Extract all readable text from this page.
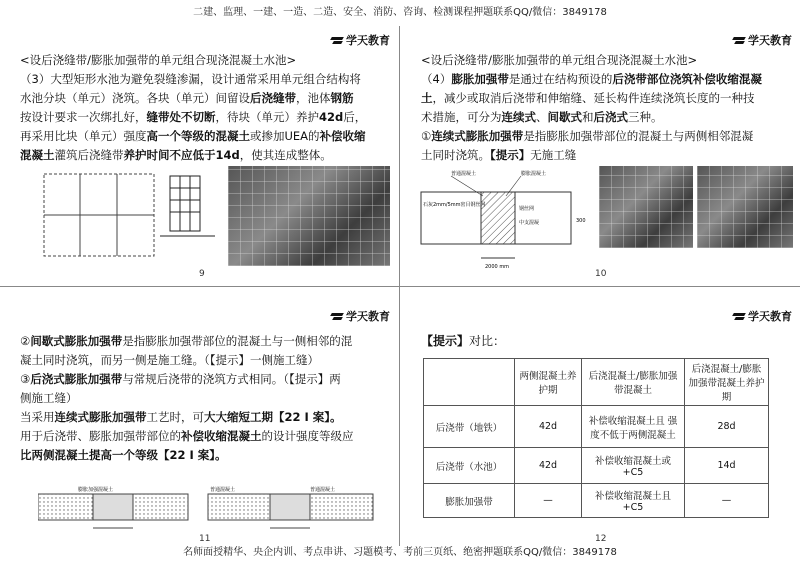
二建、监理、一建、一造、二造、安全、消防、咨询、检测课程押题联系QQ/微信：3849178
学天教育
<设后浇缝带/膨胀加强带的单元组合现浇混凝土水池>
（3）大型矩形水池为避免裂缝渗漏，设计通常采用单元组合结构将
水池分块（单元）浇筑。各块（单元）间留设后浇缝带，池体钢筋
按设计要求一次绑扎好，缝带处不切断，待块（单元）养护42d后，
再采用比块（单元）强度高一个等级的混凝土或掺加UEA的补偿收缩
混凝土灌筑后浇缝带养护时间不应低于14d，使其连成整体。
9
学天教育
<设后浇缝带/膨胀加强带的单元组合现浇混凝土水池>
（4）膨胀加强带是通过在结构预设的后浇带部位浇筑补偿收缩混凝
土，减少或取消后浇带和伸缩缝、延长构件连续浇筑长度的一种技
术措施，可分为连续式、间歇式和后浇式三种。
①连续式膨胀加强带是指膨胀加强带部位的混凝土与两侧相邻混凝
土同时浇筑。【提示】无施工缝
普通混凝土	膨胀混凝土
石灰2mm/5mm密目钢丝网
钢丝网
中支混凝
2000 mm
300
10
学天教育
②间歇式膨胀加强带是指膨胀加强带部位的混凝土与一侧相邻的混
凝土同时浇筑，而另一侧是施工缝。（【提示】一侧施工缝）
③后浇式膨胀加强带与常规后浇带的浇筑方式相同。（【提示】两
侧施工缝）
当采用连续式膨胀加强带工艺时，可大大缩短工期【22 I 案】。
用于后浇带、膨胀加强带部位的补偿收缩混凝土的设计强度等级应
比两侧混凝土提高一个等级【22 I 案】。
膨胀加强混凝土	普通混凝土	普通混凝土
11
学天教育
【提示】对比：
	两侧混凝土养护期	后浇混凝土/膨胀加强带混凝土	后浇混凝土/膨胀加强带混凝土养护期
后浇带（地铁）	42d	补偿收缩混凝土且 强度不低于两侧混凝土	28d
后浇带（水池）	42d	补偿收缩混凝土或 +C5	14d
膨胀加强带	—	补偿收缩混凝土且 +C5	—
12
名师面授精华、央企内训、考点串讲、习题模考、考前三页纸、绝密押题联系QQ/微信：3849178
